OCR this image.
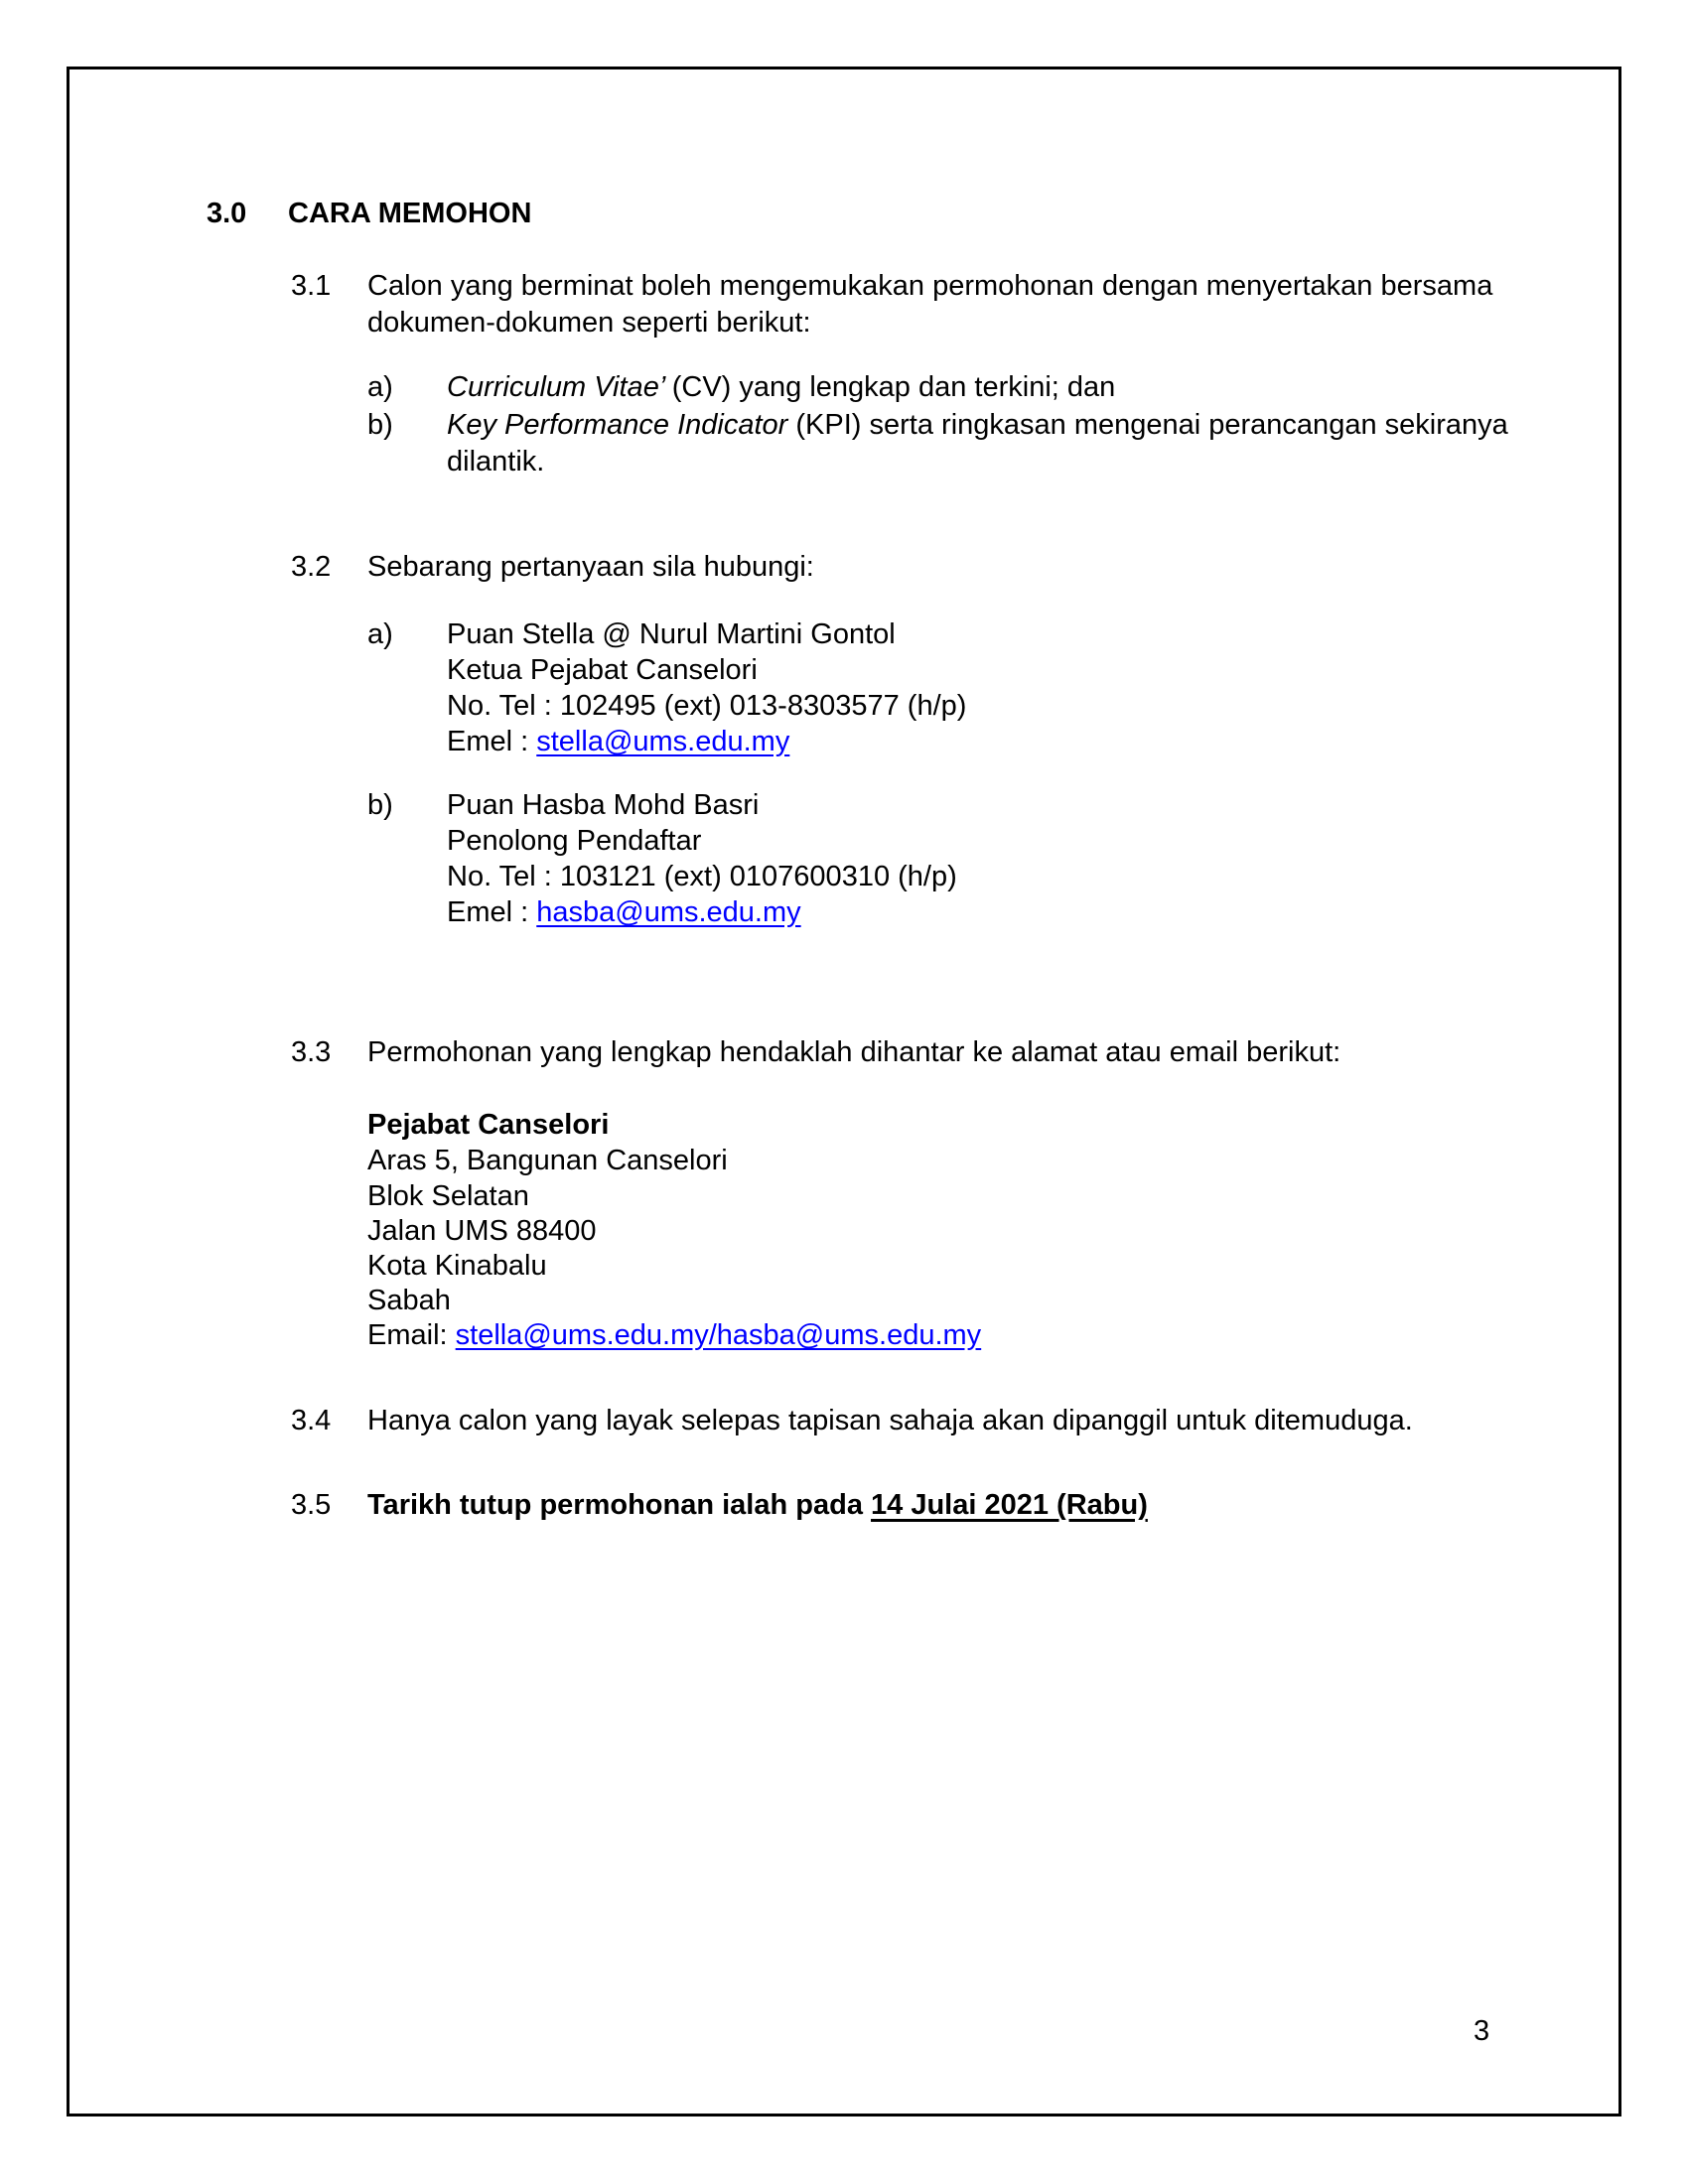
3.0 CARA MEMOHON
3.1 Calon yang berminat boleh mengemukakan permohonan dengan menyertakan bersama
dokumen-dokumen seperti berikut:
a) Curriculum Vitae’ (CV) yang lengkap dan terkini; dan
b) Key Performance Indicator (KPI) serta ringkasan mengenai perancangan sekiranya
dilantik.
3.2 Sebarang pertanyaan sila hubungi:
a) Puan Stella @ Nurul Martini Gontol
Ketua Pejabat Canselori
No. Tel : 102495 (ext) 013-8303577 (h/p)
Emel : stella@ums.edu.my
b) Puan Hasba Mohd Basri
Penolong Pendaftar
No. Tel : 103121 (ext) 0107600310 (h/p)
Emel : hasba@ums.edu.my
3.3 Permohonan yang lengkap hendaklah dihantar ke alamat atau email berikut:
Pejabat Canselori
Aras 5, Bangunan Canselori
Blok Selatan
Jalan UMS 88400
Kota Kinabalu
Sabah
Email: stella@ums.edu.my/hasba@ums.edu.my
3.4 Hanya calon yang layak selepas tapisan sahaja akan dipanggil untuk ditemuduga.
3.5 Tarikh tutup permohonan ialah pada 14 Julai 2021 (Rabu)
3
